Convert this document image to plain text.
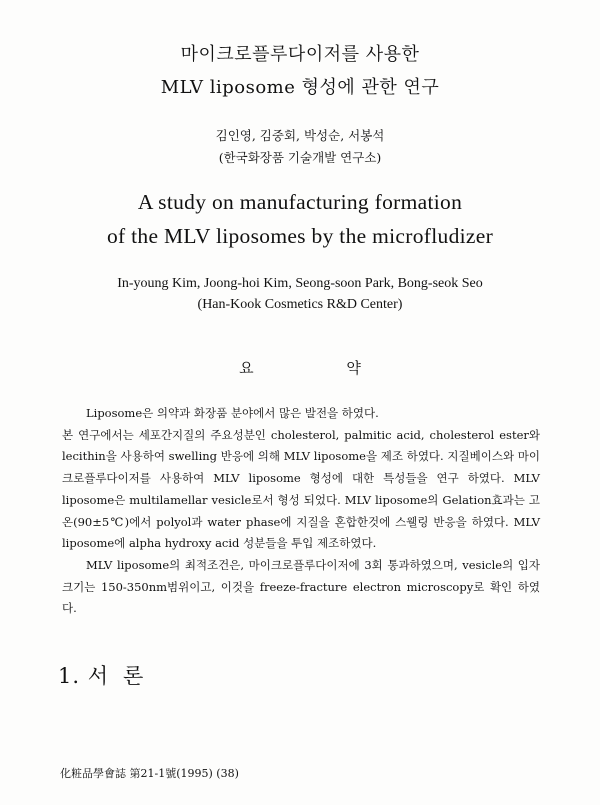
마이크로플루다이저를 사용한
MLV liposome 형성에 관한 연구
김인영, 김중회, 박성순, 서봉석
(한국화장품 기술개발 연구소)
A study on manufacturing formation
of the MLV liposomes by the microfludizer
In-young Kim, Joong-hoi Kim, Seong-soon Park, Bong-seok Seo
(Han-Kook Cosmetics R&D Center)
요 약

Liposome은 의약과 화장품 분야에서 많은 발전을 하였다.

본 연구에서는 세포간지질의 주요성분인 cholesterol, palmitic acid, cholesterol ester와 lecithin을 사용하여 swelling 반응에 의해 MLV liposome을 제조 하였다. 지질베이스와 마이크로플루다이저를 사용하여 MLV liposome 형성에 대한 특성들을 연구 하였다. MLV liposome은 multilamellar vesicle로서 형성 되었다. MLV liposome의 Gelation효과는 고온(90±5℃)에서 polyol과 water phase에 지질을 혼합한것에 스웰링 반응을 하였다. MLV liposome에 alpha hydroxy acid 성분들을 투입 제조하였다.

MLV liposome의 최적조건은, 마이크로플루다이저에 3회 통과하였으며, vesicle의 입자크기는 150-350nm범위이고, 이것을 freeze-fracture electron microscopy로 확인 하였다.

1. 서 론
化粧品學會誌 第21-1號(1995) (38)
